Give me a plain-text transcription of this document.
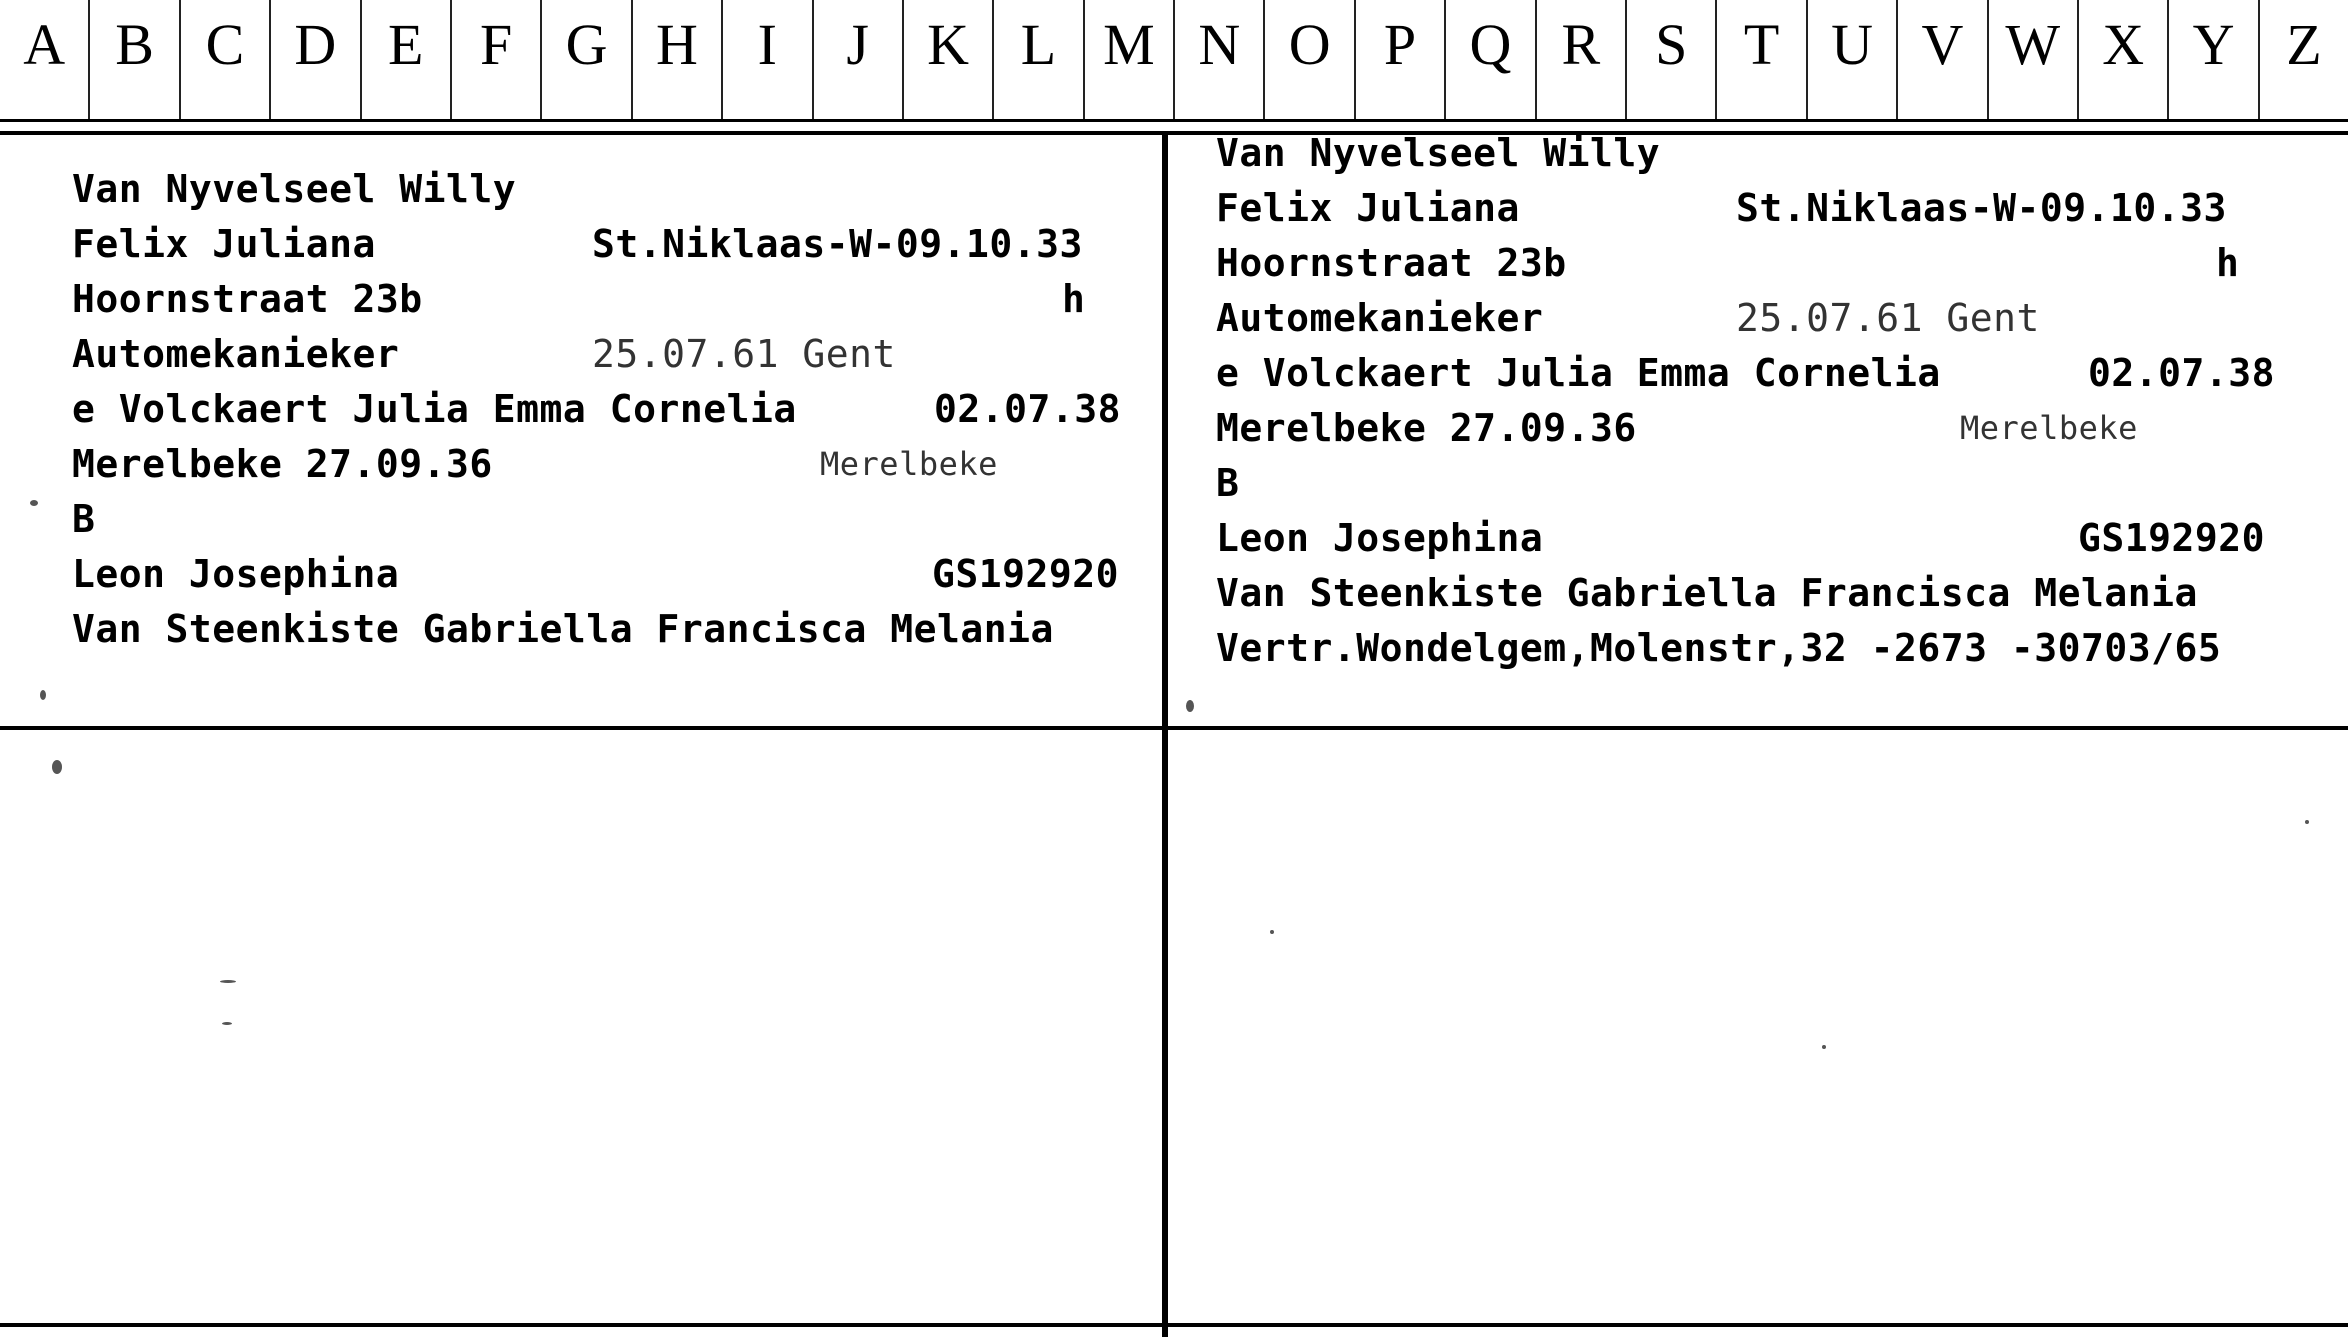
A B C D E F G H	I	J	K L M N O P Q R S T U V W X Y Z
Van Nyvelseel Willy
Felix Juliana	St.Niklaas-W-09.10.33
Hoornstraat 23b	h
Automekanieker	25.07.61 Gent
e Volckaert Julia Emma Cornelia	02.07.38
Merelbeke 27.09.36	Merelbeke
B
Leon Josephina	GS192920
Van Steenkiste Gabriella Francisca Melania
Van Nyvelseel Willy
Felix Juliana	St.Niklaas-W-09.10.33
Hoornstraat 23b	h
Automekanieker	25.07.61 Gent
e Volckaert Julia Emma Cornelia	02.07.38
Merelbeke 27.09.36	Merelbeke
B
Leon Josephina	GS192920
Van Steenkiste Gabriella Francisca Melania
Vertr.Wondelgem,Molenstr,32 -2673 -30703/65
